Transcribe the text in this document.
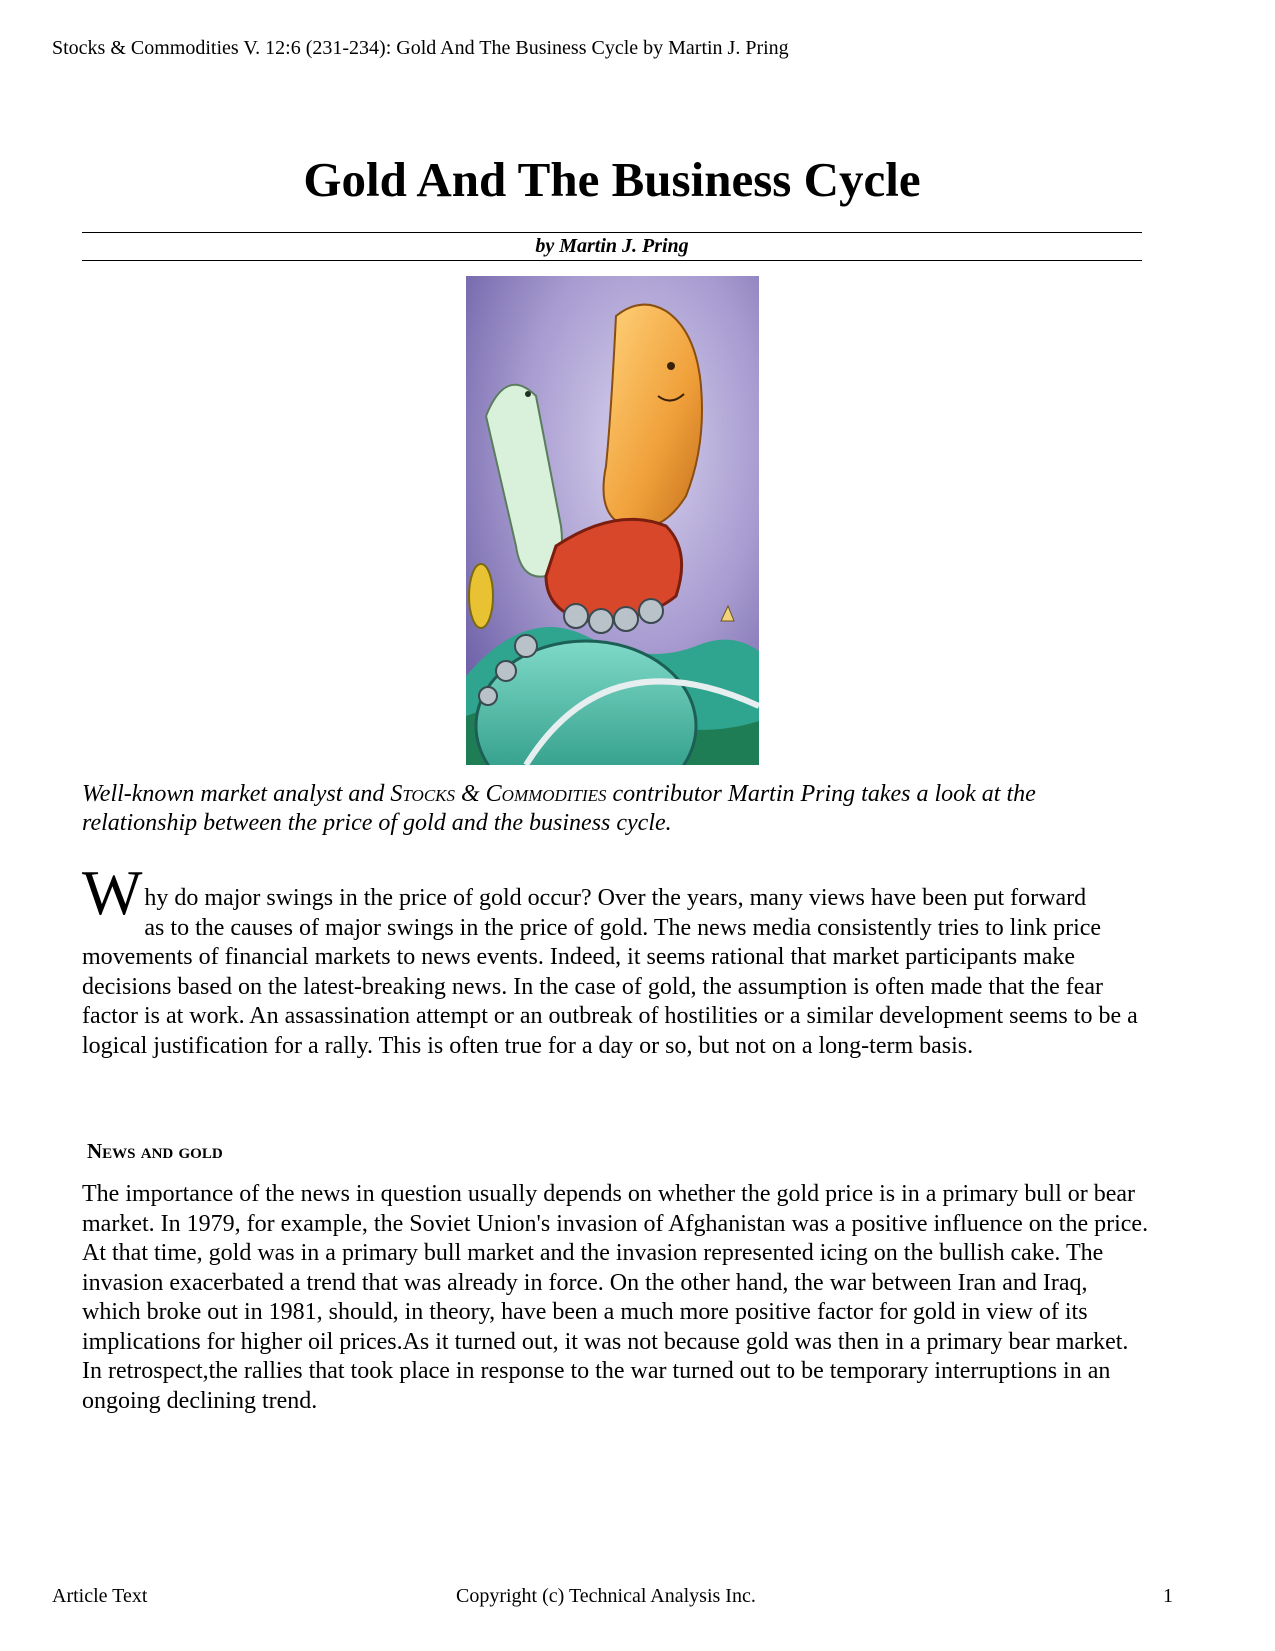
Stocks & Commodities V. 12:6 (231-234): Gold And The Business Cycle by Martin J. Pring
Gold And The Business Cycle
by Martin J. Pring
Well-known market analyst and Stocks & Commodities contributor Martin Pring takes a look at the relationship between the price of gold and the business cycle.
W hy do major swings in the price of gold occur? Over the years, many views have been put forward
as to the causes of major swings in the price of gold. The news media consistently tries to link price movements of financial markets to news events. Indeed, it seems rational that market participants make decisions based on the latest-breaking news. In the case of gold, the assumption is often made that the fear factor is at work. An assassination attempt or an outbreak of hostilities or a similar development seems to be a logical justification for a rally. This is often true for a day or so, but not on a long-term basis.
News and gold
The importance of the news in question usually depends on whether the gold price is in a primary bull or bear market. In 1979, for example, the Soviet Union's invasion of Afghanistan was a positive influence on the price. At that time, gold was in a primary bull market and the invasion represented icing on the bullish cake. The invasion exacerbated a trend that was already in force. On the other hand, the war between Iran and Iraq, which broke out in 1981, should, in theory, have been a much more positive factor for gold in view of its implications for higher oil prices.As it turned out, it was not because gold was then in a primary bear market. In retrospect,the rallies that took place in response to the war turned out to be temporary interruptions in an ongoing declining trend.
Article Text	Copyright (c) Technical Analysis Inc.	1
